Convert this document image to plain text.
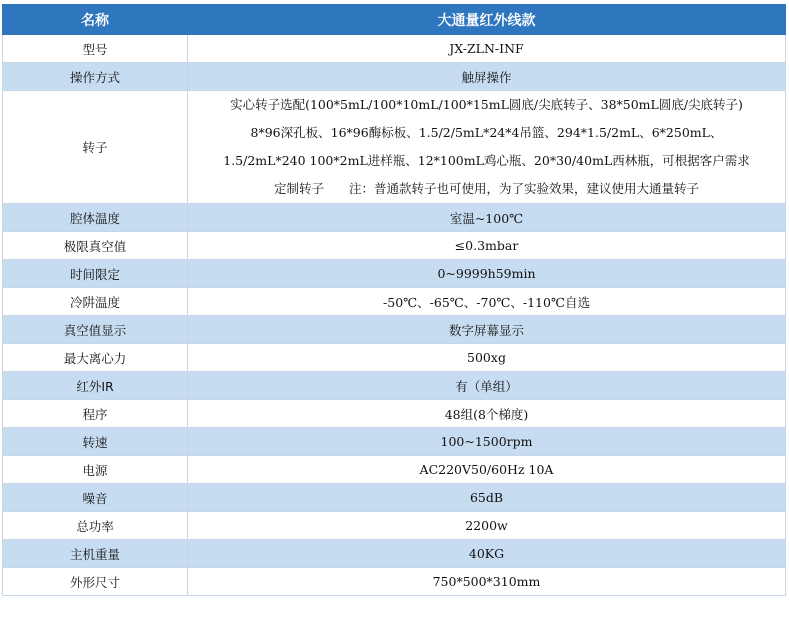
名称	大通量红外线款
型号	JX-ZLN-INF
操作方式	触屏操作
转子	实心转子选配(100*5mL/100*10mL/100*15mL圆底/尖底转子、38*50mL圆底/尖底转子)
8*96深孔板、16*96酶标板、1.5/2/5mL*24*4吊篮、294*1.5/2mL、6*250mL、
1.5/2mL*240 100*2mL进样瓶、12*100mL鸡心瓶、20*30/40mL西林瓶，可根据客户需求
定制转子　　注：普通款转子也可使用，为了实验效果，建议使用大通量转子

腔体温度	室温~100℃
极限真空值	≤0.3mbar
时间限定	0~9999h59min
冷阱温度	-50℃、-65℃、-70℃、-110℃自选
真空值显示	数字屏幕显示
最大离心力	500xg
红外IR	有（单组）
程序	48组(8个梯度)
转速	100~1500rpm
电源	AC220V50/60Hz 10A
噪音	65dB
总功率	2200w
主机重量	40KG
外形尺寸	750*500*310mm
